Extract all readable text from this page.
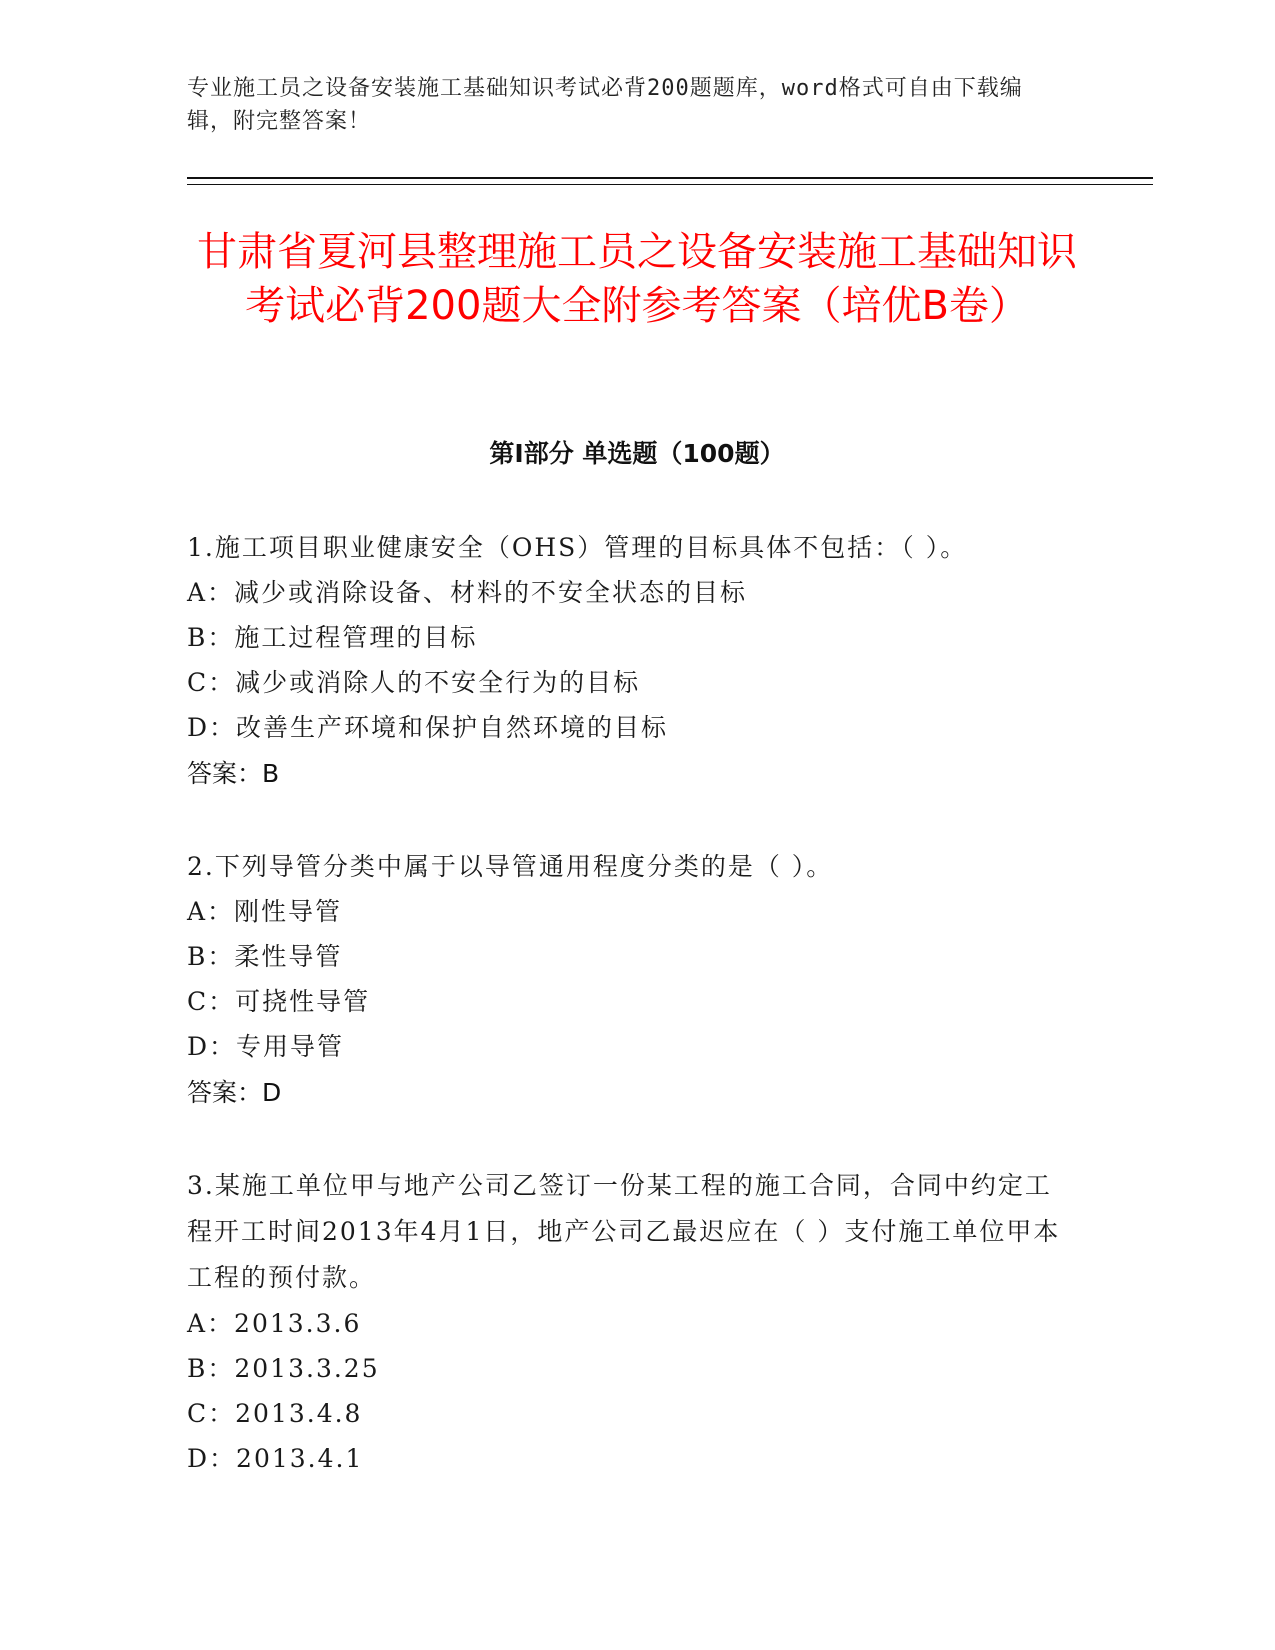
专业施工员之设备安装施工基础知识考试必背200题题库，word格式可自由下载编辑，附完整答案！
甘肃省夏河县整理施工员之设备安装施工基础知识考试必背200题大全附参考答案（培优B卷）
第I部分 单选题（100题）
1.施工项目职业健康安全（OHS）管理的目标具体不包括：（ ）。
A：减少或消除设备、材料的不安全状态的目标
B：施工过程管理的目标
C：减少或消除人的不安全行为的目标
D：改善生产环境和保护自然环境的目标
答案：B
2.下列导管分类中属于以导管通用程度分类的是（ ）。
A：刚性导管
B：柔性导管
C：可挠性导管
D：专用导管
答案：D
3.某施工单位甲与地产公司乙签订一份某工程的施工合同，合同中约定工程开工时间2013年4月1日，地产公司乙最迟应在（ ）支付施工单位甲本工程的预付款。
A：2013.3.6
B：2013.3.25
C：2013.4.8
D：2013.4.1
